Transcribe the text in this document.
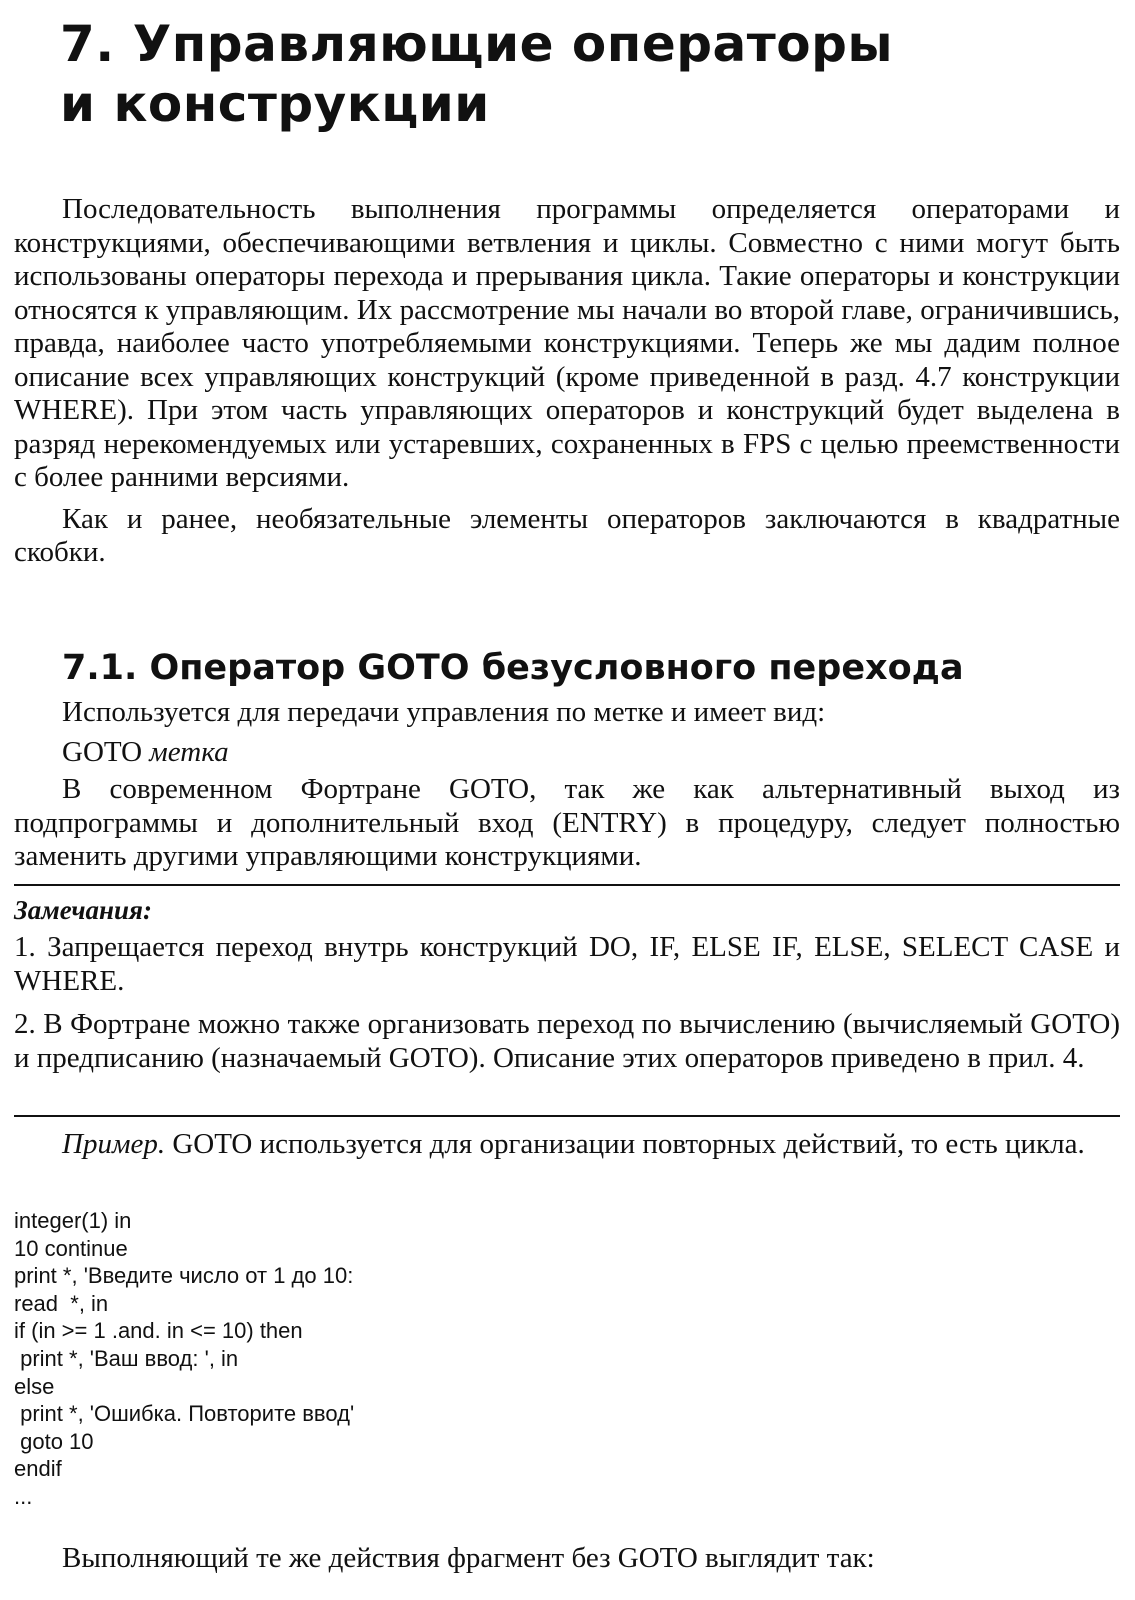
7. Управляющие операторы
и конструкции

Последовательность выполнения программы определяется операторами и конструкциями, обеспечивающими ветвления и циклы. Совместно с ними могут быть использованы операторы перехода и прерывания цикла. Такие операторы и конструкции относятся к управляющим. Их рассмотрение мы начали во второй главе, ограничившись, правда, наиболее часто употребляемыми конструкциями. Теперь же мы дадим полное описание всех управляющих конструкций (кроме приведенной в разд. 4.7 конструкции WHERE). При этом часть управляющих операторов и конструкций будет выделена в разряд нерекомендуемых или устаревших, сохраненных в FPS с целью преемственности с более ранними версиями.

Как и ранее, необязательные элементы операторов заключаются в квадратные скобки.

7.1. Оператор GOTO безусловного перехода

Используется для передачи управления по метке и имеет вид:

GOTO метка

В современном Фортране GOTO, так же как альтернативный выход из подпрограммы и дополнительный вход (ENTRY) в процедуру, следует полностью заменить другими управляющими конструкциями.

Замечания:

1. Запрещается переход внутрь конструкций DO, IF, ELSE IF, ELSE, SELECT CASE и WHERE.

2. В Фортране можно также организовать переход по вычислению (вычисляемый GOTO) и предписанию (назначаемый GOTO). Описание этих операторов приведено в прил. 4.

Пример. GOTO используется для организации повторных действий, то есть цикла.

integer(1) in
10 continue
print *, 'Введите число от 1 до 10:
read  *, in
if (in >= 1 .and. in <= 10) then
print *, 'Ваш ввод: ', in
else
print *, 'Ошибка. Повторите ввод'
goto 10
endif
...

Выполняющий те же действия фрагмент без GOTO выглядит так:
